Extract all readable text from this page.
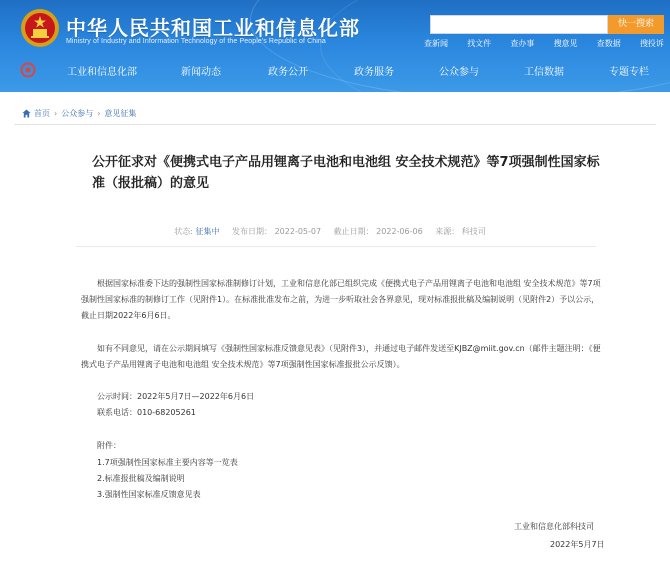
中华人民共和国工业和信息化部
Ministry of Industry and Information Technology of the People's Republic of China
快一搜索
查新闻 找文件 查办事 搜意见 查数据 搜投诉
工业和信息化部	新闻动态	政务公开	政务服务	公众参与	工信数据	专题专栏
首页 › 公众参与 › 意见征集
公开征求对《便携式电子产品用锂离子电池和电池组 安全技术规范》等7项强制性国家标准（报批稿）的意见
状态: 征集中 发布日期： 2022-05-07 截止日期： 2022-06-06 来源： 科技司
根据国家标准委下达的强制性国家标准制修订计划，工业和信息化部已组织完成《便携式电子产品用锂离子电池和电池组 安全技术规范》等7项强制性国家标准的制修订工作（见附件1）。在标准批准发布之前，为进一步听取社会各界意见，现对标准报批稿及编制说明（见附件2）予以公示，截止日期2022年6月6日。
如有不同意见，请在公示期间填写《强制性国家标准反馈意见表》（见附件3），并通过电子邮件发送至KJBZ@miit.gov.cn（邮件主题注明：《便携式电子产品用锂离子电池和电池组 安全技术规范》等7项强制性国家标准报批公示反馈）。
公示时间：2022年5月7日—2022年6月6日
联系电话：010-68205261
附件：
1.7项强制性国家标准主要内容等一览表
2.标准报批稿及编制说明
3.强制性国家标准反馈意见表
工业和信息化部科技司
2022年5月7日
